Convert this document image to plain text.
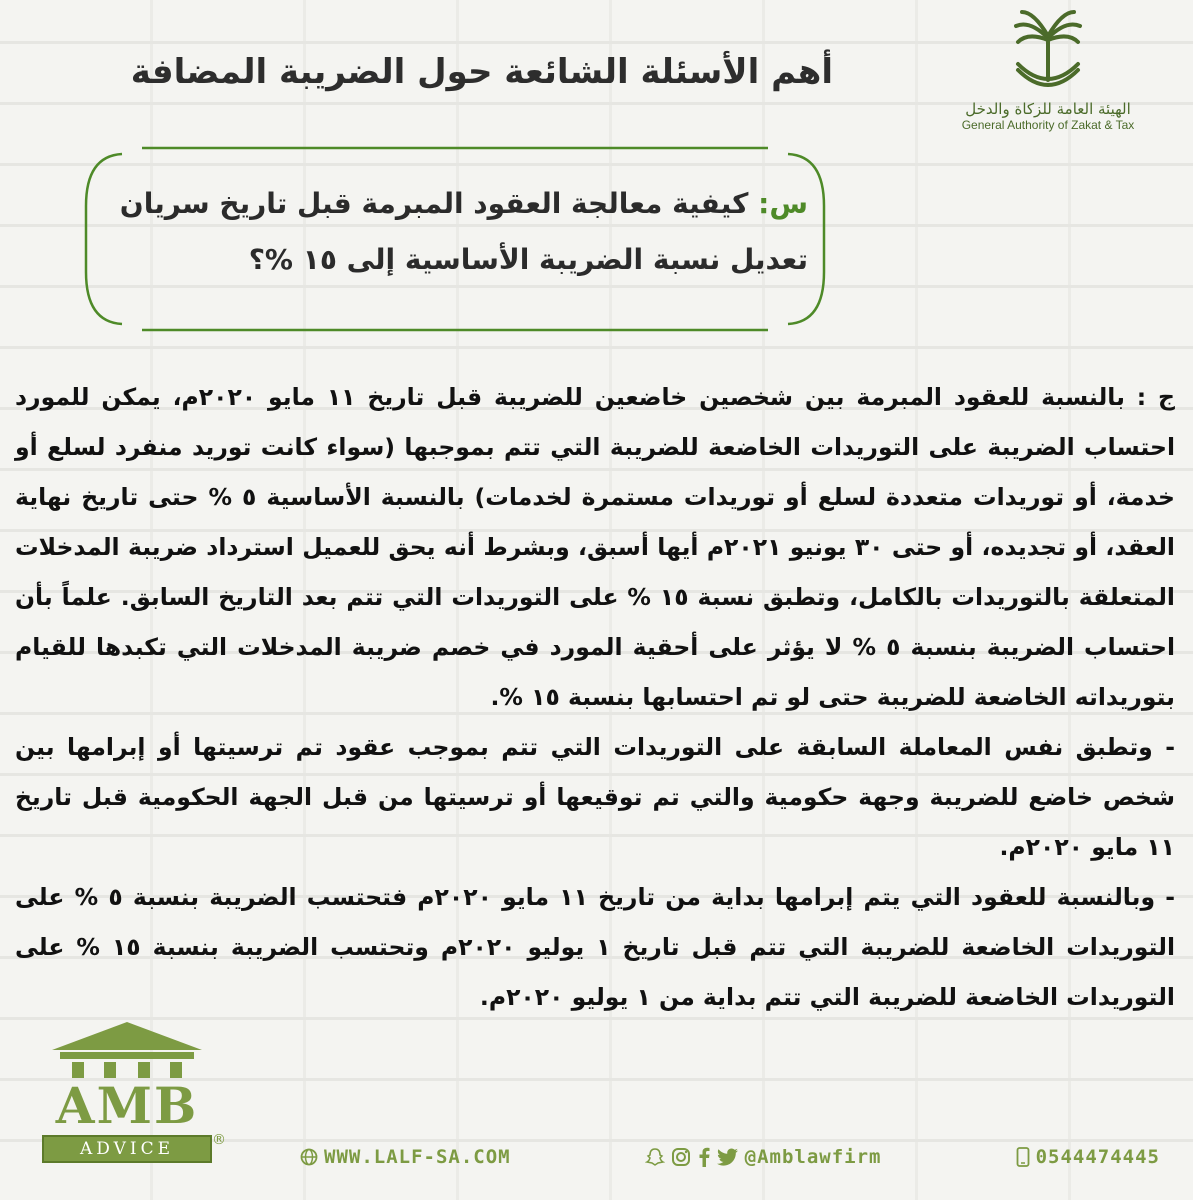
أهم الأسئلة الشائعة حول الضريبة المضافة
الهيئة العامة للزكاة والدخل
General Authority of Zakat & Tax
س: كيفية معالجة العقود المبرمة قبل تاريخ سريان تعديل نسبة الضريبة الأساسية إلى ١٥ %؟

ج : بالنسبة للعقود المبرمة بين شخصين خاضعين للضريبة قبل تاريخ ١١ مايو ٢٠٢٠م، يمكن للمورد احتساب الضريبة على التوريدات الخاضعة للضريبة التي تتم بموجبها (سواء كانت توريد منفرد لسلع أو خدمة، أو توريدات متعددة لسلع أو توريدات مستمرة لخدمات) بالنسبة الأساسية ٥ % حتى تاريخ نهاية العقد، أو تجديده، أو حتى ٣٠ يونيو ٢٠٢١م أيها أسبق، وبشرط أنه يحق للعميل استرداد ضريبة المدخلات المتعلقة بالتوريدات بالكامل، وتطبق نسبة ١٥ % على التوريدات التي تتم بعد التاريخ السابق. علماً بأن احتساب الضريبة بنسبة ٥ % لا يؤثر على أحقية المورد في خصم ضريبة المدخلات التي تكبدها للقيام بتوريداته الخاضعة للضريبة حتى لو تم احتسابها بنسبة ١٥ %.

- وتطبق نفس المعاملة السابقة على التوريدات التي تتم بموجب عقود تم ترسيتها أو إبرامها بين شخص خاضع للضريبة وجهة حكومية والتي تم توقيعها أو ترسيتها من قبل الجهة الحكومية قبل تاريخ ١١ مايو ٢٠٢٠م.

- وبالنسبة للعقود التي يتم إبرامها بداية من تاريخ ١١ مايو ٢٠٢٠م فتحتسب الضريبة بنسبة ٥ % على التوريدات الخاضعة للضريبة التي تتم قبل تاريخ ١ يوليو ٢٠٢٠م وتحتسب الضريبة بنسبة ١٥ % على التوريدات الخاضعة للضريبة التي تتم بداية من ١ يوليو ٢٠٢٠م.

AMB
ADVICE	®
WWW.LALF-SA.COM	@Amblawfirm	0544474445
